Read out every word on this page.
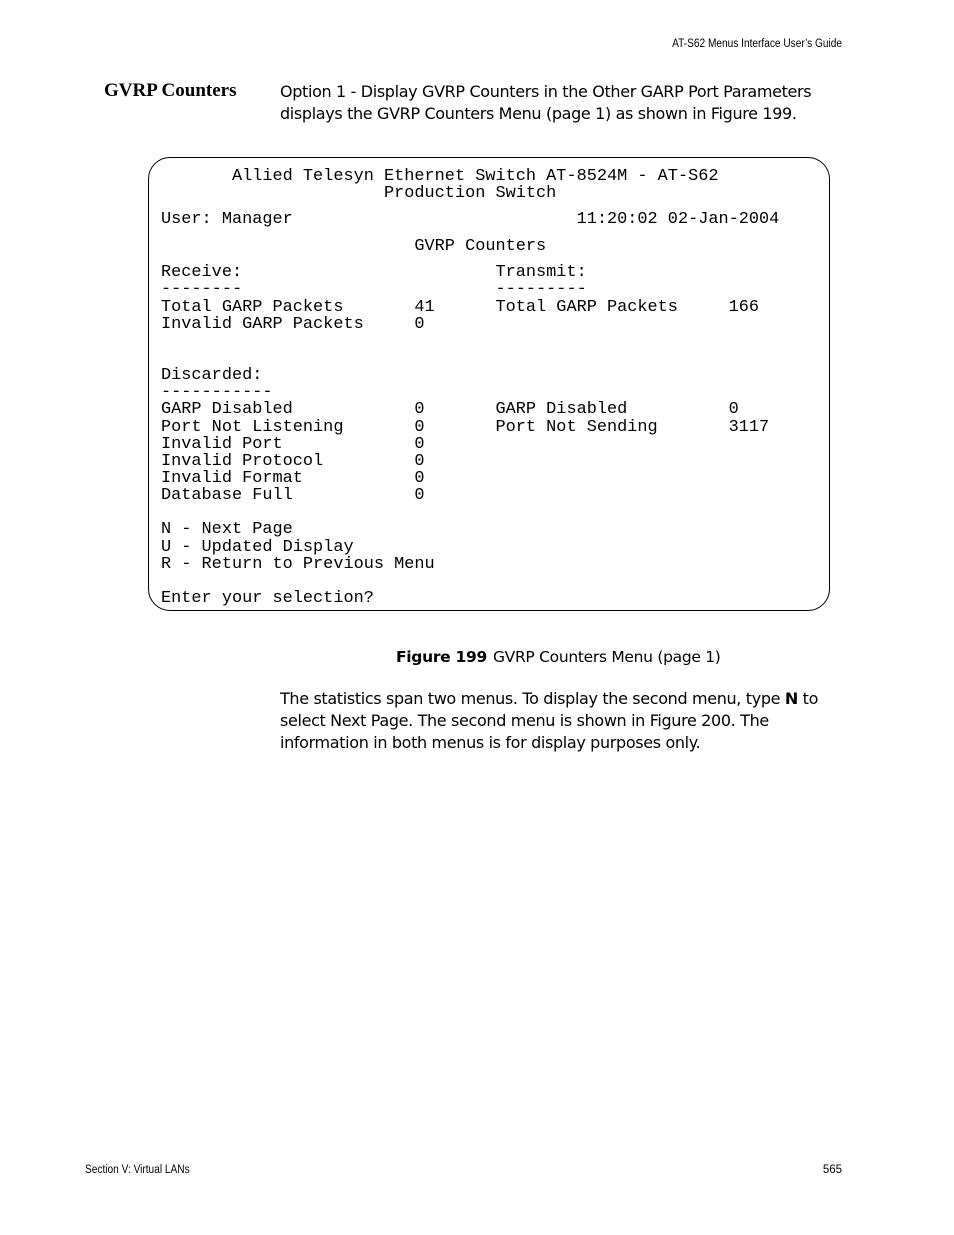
AT-S62 Menus Interface User’s Guide
GVRP Counters	Option 1 - Display GVRP Counters in the Other GARP Port Parameters displays the GVRP Counters Menu (page 1) as shown in Figure 199.
Allied Telesyn Ethernet Switch AT-8524M - AT-S62
Production Switch
User: Manager                            11:20:02 02-Jan-2004
GVRP Counters
Receive:                         Transmit:
--------                         ---------
Total GARP Packets       41      Total GARP Packets     166
Invalid GARP Packets     0
Discarded:
-----------
GARP Disabled            0       GARP Disabled          0
Port Not Listening       0       Port Not Sending       3117
Invalid Port             0
Invalid Protocol         0
Invalid Format           0
Database Full            0
N - Next Page
U - Updated Display
R - Return to Previous Menu
Enter your selection?
Figure 199 GVRP Counters Menu (page 1)
The statistics span two menus. To display the second menu, type N to select Next Page. The second menu is shown in Figure 200. The information in both menus is for display purposes only.
Section V: Virtual LANs	565
